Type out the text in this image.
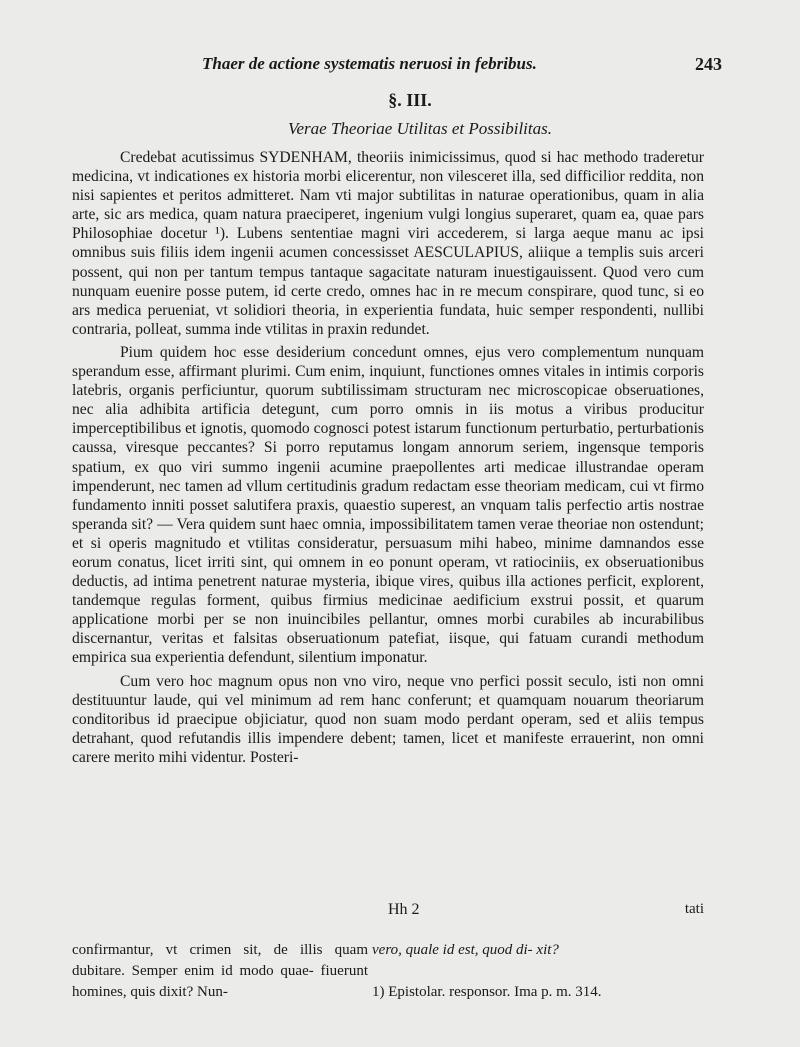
Thaer de actione systematis neruosi in febribus.	243
§. III.
Verae Theoriae Utilitas et Possibilitas.

Credebat acutissimus SYDENHAM, theoriis inimicissimus, quod si hac methodo traderetur medicina, vt indicationes ex historia morbi elicerentur, non vilesceret illa, sed difficilior reddita, non nisi sapientes et peritos admitteret. Nam vti major subtilitas in naturae operationibus, quam in alia arte, sic ars medica, quam natura praeciperet, ingenium vulgi longius superaret, quam ea, quae pars Philosophiae docetur ¹). Lubens sententiae magni viri accederem, si larga aeque manu ac ipsi omnibus suis filiis idem ingenii acumen concessisset AESCULAPIUS, aliique a templis suis arceri possent, qui non per tantum tempus tantaque sagacitate naturam inuestigauissent. Quod vero cum nunquam euenire posse putem, id certe credo, omnes hac in re mecum conspirare, quod tunc, si eo ars medica perueniat, vt solidiori theoria, in experientia fundata, huic semper respondenti, nullibi contraria, polleat, summa inde vtilitas in praxin redundet.

Pium quidem hoc esse desiderium concedunt omnes, ejus vero complementum nunquam sperandum esse, affirmant plurimi. Cum enim, inquiunt, functiones omnes vitales in intimis corporis latebris, organis perficiuntur, quorum subtilissimam structuram nec microscopicae obseruationes, nec alia adhibita artificia detegunt, cum porro omnis in iis motus a viribus producitur imperceptibilibus et ignotis, quomodo cognosci potest istarum functionum perturbatio, perturbationis caussa, viresque peccantes? Si porro reputamus longam annorum seriem, ingensque temporis spatium, ex quo viri summo ingenii acumine praepollentes arti medicae illustrandae operam impenderunt, nec tamen ad vllum certitudinis gradum redactam esse theoriam medicam, cui vt firmo fundamento inniti posset salutifera praxis, quaestio superest, an vnquam talis perfectio artis nostrae speranda sit? — Vera quidem sunt haec omnia, impossibilitatem tamen verae theoriae non ostendunt; et si operis magnitudo et vtilitas consideratur, persuasum mihi habeo, minime damnandos esse eorum conatus, licet irriti sint, qui omnem in eo ponunt operam, vt ratiociniis, ex obseruationibus deductis, ad intima penetrent naturae mysteria, ibique vires, quibus illa actiones perficit, explorent, tandemque regulas forment, quibus firmius medicinae aedificium exstrui possit, et quarum applicatione morbi per se non inuincibiles pellantur, omnes morbi curabiles ab incurabilibus discernantur, veritas et falsitas obseruationum patefiat, iisque, qui fatuam curandi methodum empirica sua experientia defendunt, silentium imponatur.

Cum vero hoc magnum opus non vno viro, neque vno perfici possit seculo, isti non omni destituuntur laude, qui vel minimum ad rem hanc conferunt; et quamquam nouarum theoriarum conditoribus id praecipue objiciatur, quod non suam modo perdant operam, sed et aliis tempus detrahant, quod refutandis illis impendere debent; tamen, licet et manifeste errauerint, non omni carere merito mihi videntur. Posteri-

Hh 2	tati

confirmantur, vt crimen sit, de illis quam dubitare. Semper enim id modo quae- fiuerunt homines, quis dixit? Nun-

vero, quale id est, quod di- xit?

1) Epistolar. responsor. Ima p. m. 314.
